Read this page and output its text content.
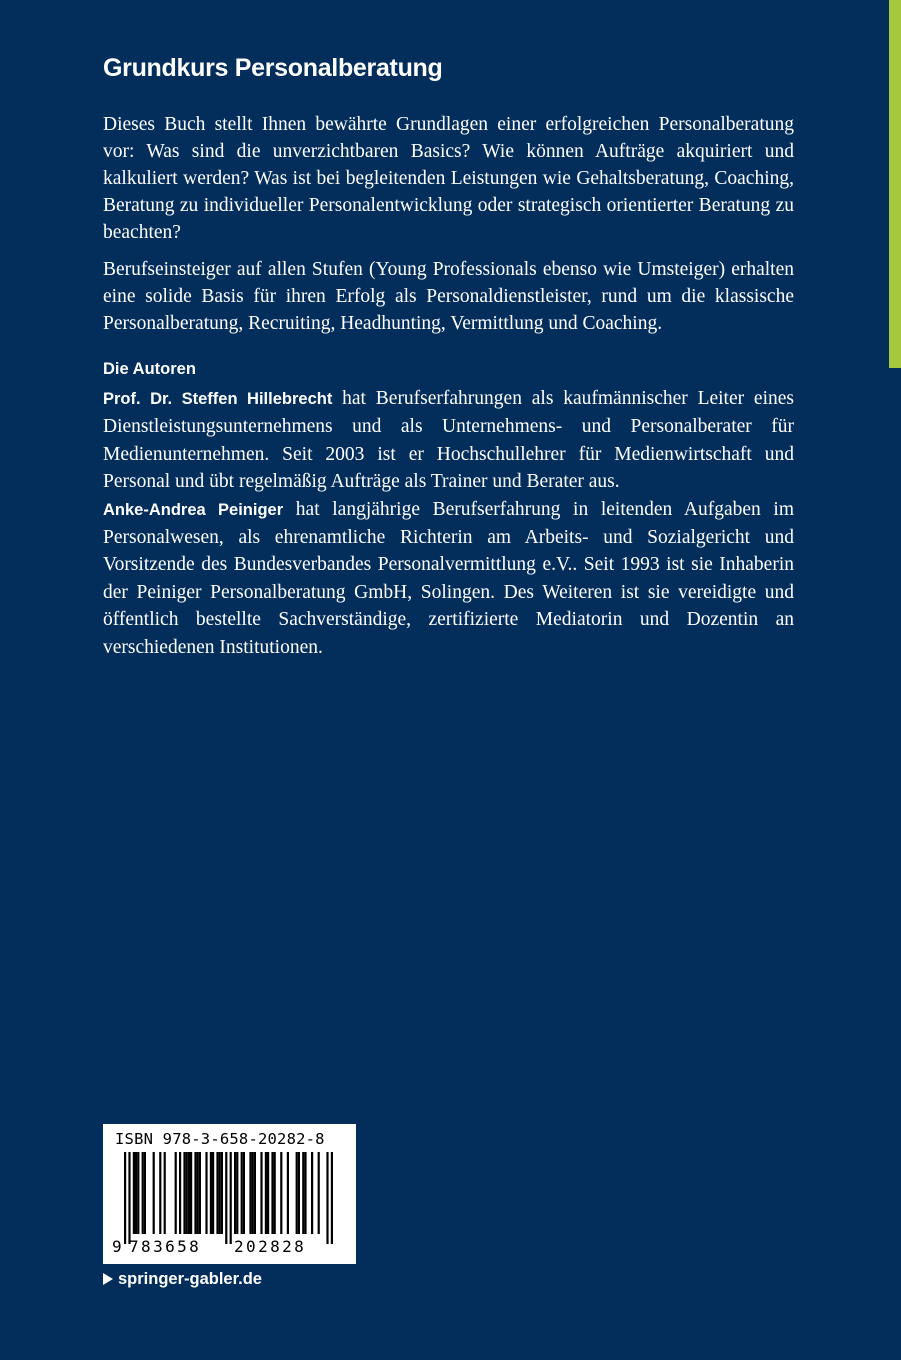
Grundkurs Personalberatung

Dieses Buch stellt Ihnen bewährte Grundlagen einer erfolgreichen Personalberatung vor: Was sind die unverzichtbaren Basics? Wie können Aufträge akquiriert und kalkuliert werden? Was ist bei begleitenden Leistungen wie Gehaltsberatung, Coaching, Beratung zu individueller Personalentwicklung oder strategisch orientierter Beratung zu beachten?

Berufseinsteiger auf allen Stufen (Young Professionals ebenso wie Umsteiger) erhalten eine solide Basis für ihren Erfolg als Personaldienstleister, rund um die klassische Personalberatung, Recruiting, Headhunting, Vermittlung und Coaching.

Die Autoren

Prof. Dr. Steffen Hillebrecht hat Berufserfahrungen als kaufmännischer Leiter eines Dienstleistungsunternehmens und als Unternehmens- und Personalberater für Medienunternehmen. Seit 2003 ist er Hochschullehrer für Medienwirtschaft und Personal und übt regelmäßig Aufträge als Trainer und Berater aus.

Anke-Andrea Peiniger hat langjährige Berufserfahrung in leitenden Aufgaben im Personalwesen, als ehrenamtliche Richterin am Arbeits- und Sozialgericht und Vorsitzende des Bundesverbandes Personalvermittlung e.V.. Seit 1993 ist sie Inhaberin der Peiniger Personalberatung GmbH, Solingen. Des Weiteren ist sie vereidigte und öffentlich bestellte Sachverständige, zertifizierte Mediatorin und Dozentin an verschiedenen Institutionen.

ISBN 978-3-658-20282-8
9 783658 202828
springer-gabler.de
